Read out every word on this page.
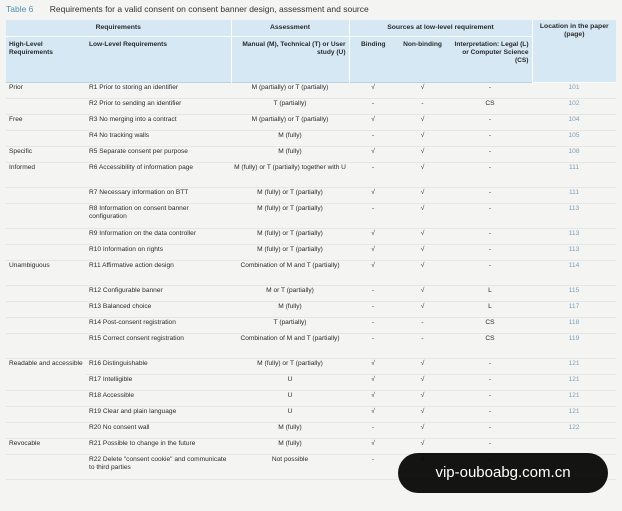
Table 6 Requirements for a valid consent on consent banner design, assessment and source
Requirements		Assessment	Sources at low-level requirement			Location in the paper (page)
High-Level Requirements	Low-Level Requirements	Manual (M), Technical (T) or User study (U)	Binding	Non-binding	Interpretation: Legal (L) or Computer Science (CS)	
Prior	R1 Prior to storing an identifier	M (partially) or T (partially)	√	√	-	101
	R2 Prior to sending an identifier	T (partially)	-	-	CS	102
Free	R3 No merging into a contract	M (partially) or T (partially)	√	√	-	104
	R4 No tracking walls	M (fully)	-	√	-	105
Specific	R5 Separate consent per purpose	M (fully)	√	√	-	108
Informed	R6 Accessibility of information page	M (fully) or T (partially) together with U	-	√	-	111
	R7 Necessary information on BTT	M (fully) or T (partially)	√	√	-	111
	R8 Information on consent banner configuration	M (fully) or T (partially)	-	√	-	113
	R9 Information on the data controller	M (fully) or T (partially)	√	√	-	113
	R10 Information on rights	M (fully) or T (partially)	√	√	-	113
Unambiguous	R11 Affirmative action design	Combination of M and T (partially)	√	√	-	114
	R12 Configurable banner	M or T (partially)	-	√	L	115
	R13 Balanced choice	M (fully)	-	√	L	117
	R14 Post-consent registration	T (partially)	-	-	CS	118
	R15 Correct consent registration	Combination of M and T (partially)	-	-	CS	119
Readable and accessible	R16 Distinguishable	M (fully) or T (partially)	√	√	-	121
	R17 Intelligible	U	√	√	-	121
	R18 Accessible	U	√	√	-	121
	R19 Clear and plain language	U	√	√	-	121
	R20 No consent wall	M (fully)	-	√	-	122
Revocable	R21 Possible to change in the future	M (fully)	√	√	-	
	R22 Delete "consent cookie" and communicate to third parties	Not possible	-			
vip-ouboabg.com.cn
